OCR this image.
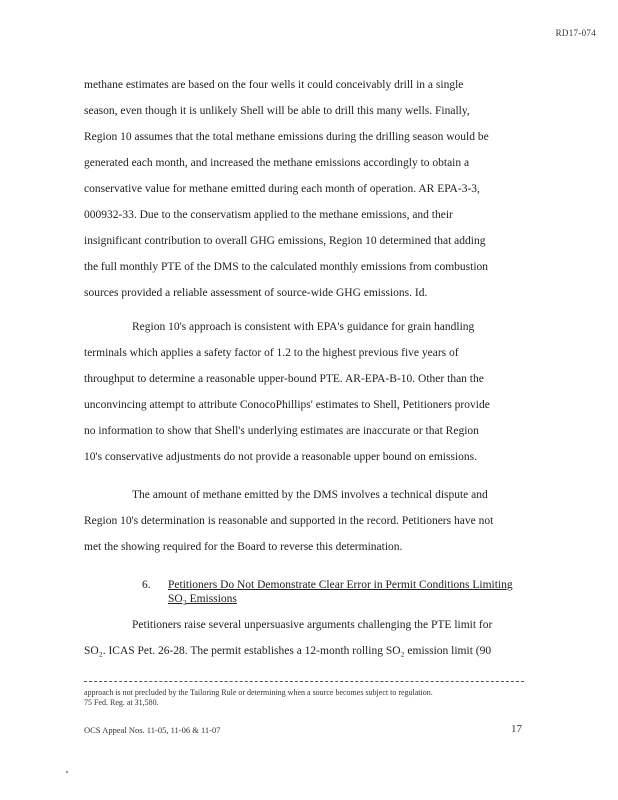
RD17-074
methane estimates are based on the four wells it could conceivably drill in a single
season, even though it is unlikely Shell will be able to drill this many wells. Finally,
Region 10 assumes that the total methane emissions during the drilling season would be
generated each month, and increased the methane emissions accordingly to obtain a
conservative value for methane emitted during each month of operation. AR EPA-3-3,
000932-33. Due to the conservatism applied to the methane emissions, and their
insignificant contribution to overall GHG emissions, Region 10 determined that adding
the full monthly PTE of the DMS to the calculated monthly emissions from combustion
sources provided a reliable assessment of source-wide GHG emissions. Id.
Region 10's approach is consistent with EPA's guidance for grain handling
terminals which applies a safety factor of 1.2 to the highest previous five years of
throughput to determine a reasonable upper-bound PTE. AR-EPA-B-10. Other than the
unconvincing attempt to attribute ConocoPhillips' estimates to Shell, Petitioners provide
no information to show that Shell's underlying estimates are inaccurate or that Region
10's conservative adjustments do not provide a reasonable upper bound on emissions.
The amount of methane emitted by the DMS involves a technical dispute and
Region 10's determination is reasonable and supported in the record. Petitioners have not
met the showing required for the Board to reverse this determination.
6. Petitioners Do Not Demonstrate Clear Error in Permit Conditions Limiting
SO₂ Emissions
Petitioners raise several unpersuasive arguments challenging the PTE limit for
SO₂. ICAS Pet. 26-28. The permit establishes a 12-month rolling SO₂ emission limit (90
approach is not precluded by the Tailoring Rule or determining when a source becomes subject to regulation.
75 Fed. Reg. at 31,580.
OCS Appeal Nos. 11-05, 11-06 & 11-07	17
